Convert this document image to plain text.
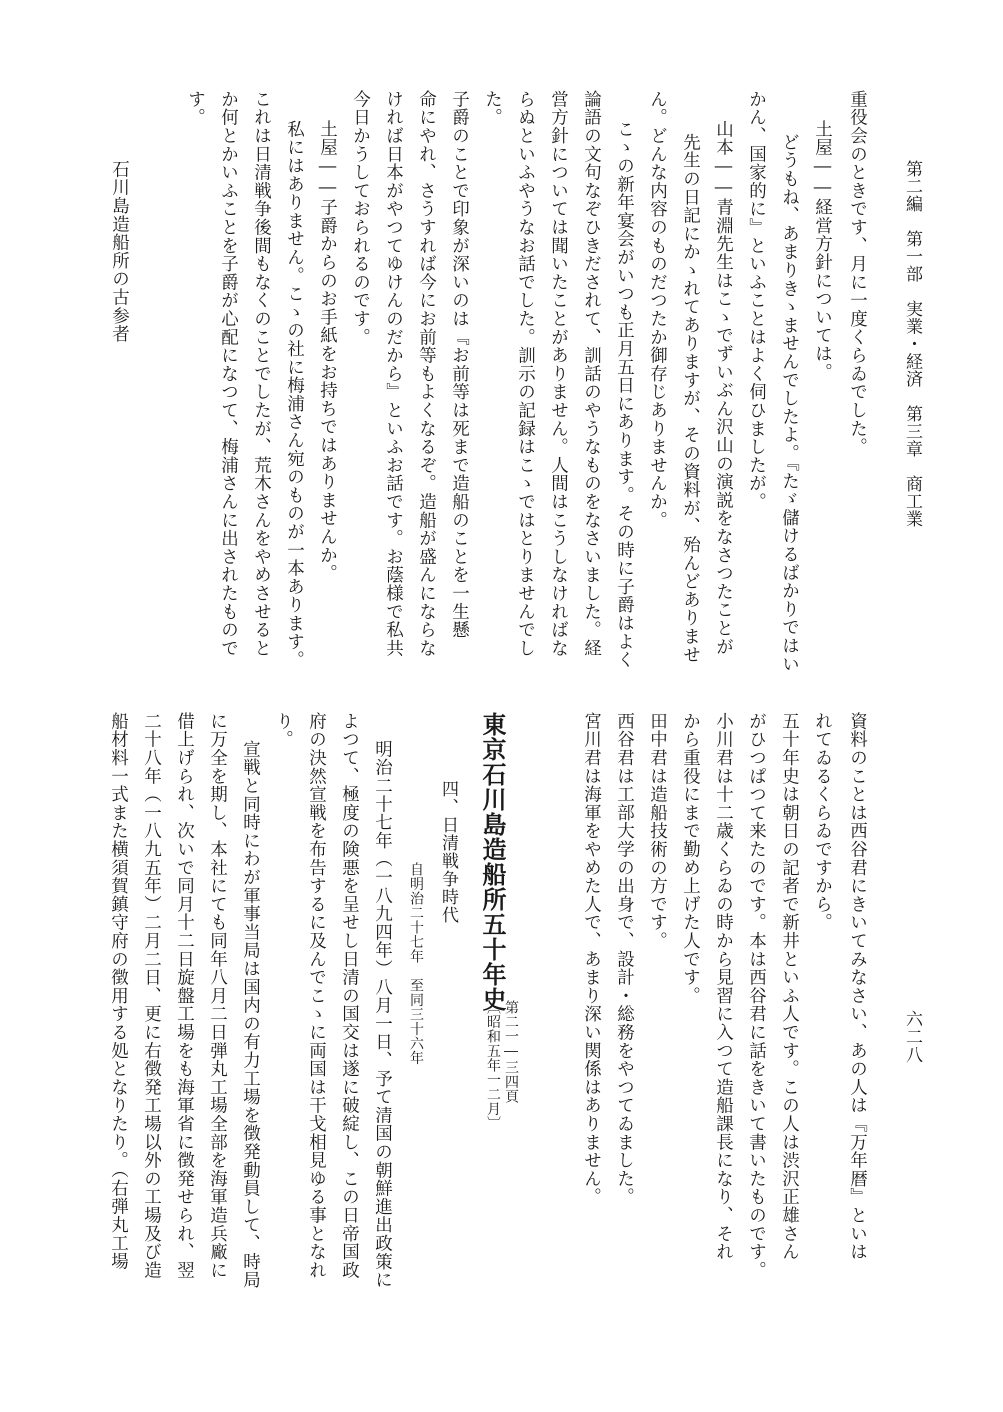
第二編　第一部　実業・経済　第三章　商工業
六二八
重役会のときです、月に一度くらゐでした。
土屋――経営方針については。
どうもね、あまりきゝませんでしたよ。『たゞ儲けるばかりではい
かん、国家的に』といふことはよく伺ひましたが。
山本――青淵先生はこゝでずいぶん沢山の演説をなさつたことが
先生の日記にかゝれてありますが、その資料が、殆んどありませ
ん。どんな内容のものだつたか御存じありませんか。
こゝの新年宴会がいつも正月五日にあります。その時に子爵はよく
論語の文句なぞひきだされて、訓話のやうなものをなさいました。経
営方針については聞いたことがありません。人間はこうしなければな
らぬといふやうなお話でした。訓示の記録はこゝではとりませんでし
た。
子爵のことで印象が深いのは『お前等は死まで造船のことを一生懸
命にやれ、さうすれば今にお前等もよくなるぞ。造船が盛んにならな
ければ日本がやつてゆけんのだから』といふお話です。お蔭様で私共
今日かうしておられるのです。
土屋――子爵からのお手紙をお持ちではありませんか。
私にはありません。こゝの社に梅浦さん宛のものが一本あります。
これは日清戦争後間もなくのことでしたが、荒木さんをやめさせると
か何とかいふことを子爵が心配になつて、梅浦さんに出されたもので
す。
石川島造船所の古参者
資料のことは西谷君にきいてみなさい、あの人は『万年暦』といは
れてゐるくらゐですから。
五十年史は朝日の記者で新井といふ人です。この人は渋沢正雄さん
がひつぱつて来たのです。本は西谷君に話をきいて書いたものです。
小川君は十二歳くらゐの時から見習に入つて造船課長になり、それ
から重役にまで勤め上げた人です。
田中君は造船技術の方です。
西谷君は工部大学の出身で、設計・総務をやつてゐました。
宮川君は海軍をやめた人で、あまり深い関係はありません。
東京石川島造船所五十年史
第二一―三四頁
〔昭和五年一二月〕
四、日清戦争時代
自明治二十七年　至同三十六年
明治二十七年（一八九四年）八月一日、予て清国の朝鮮進出政策に
よつて、極度の険悪を呈せし日清の国交は遂に破綻し、この日帝国政
府の決然宣戦を布告するに及んでこゝに両国は干戈相見ゆる事となれ
り。
宣戦と同時にわが軍事当局は国内の有力工場を徴発動員して、時局
に万全を期し、本社にても同年八月二日弾丸工場全部を海軍造兵廠に
借上げられ、次いで同月十二日旋盤工場をも海軍省に徴発せられ、翌
二十八年（一八九五年）二月二日、更に右徴発工場以外の工場及び造
船材料一式また横須賀鎮守府の徴用する処となりたり。（右弾丸工場
